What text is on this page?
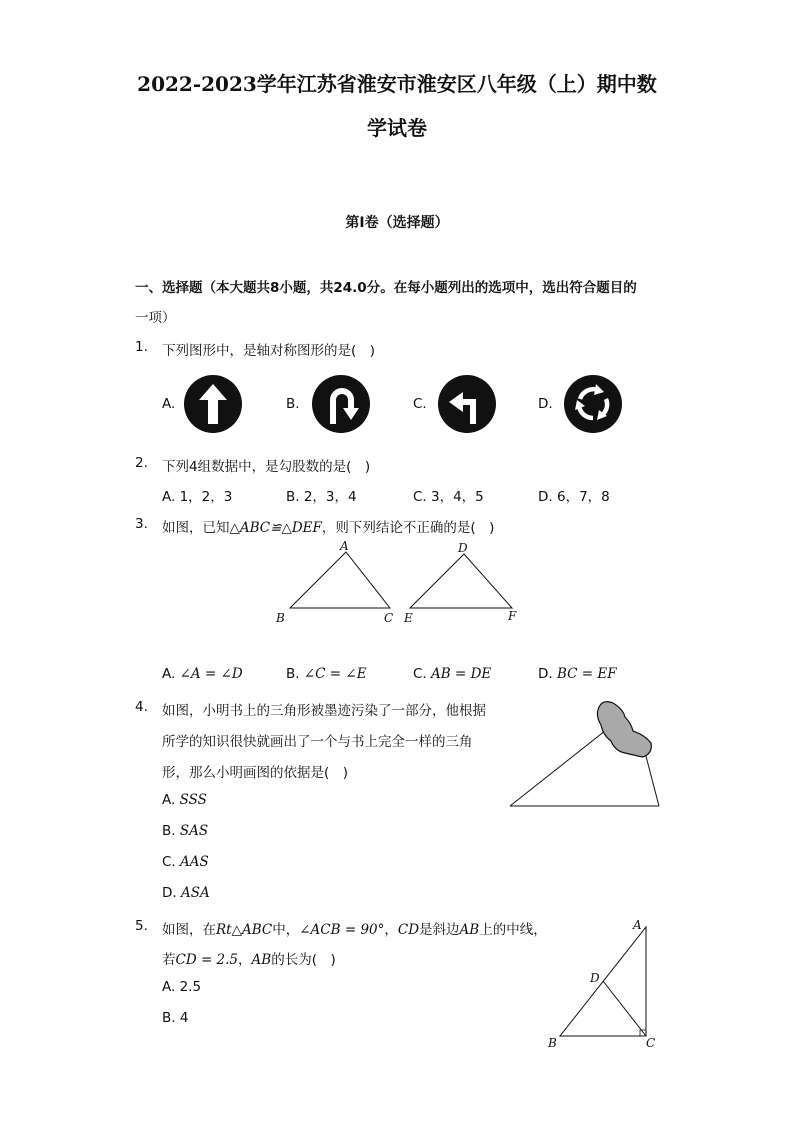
2022-2023学年江苏省淮安市淮安区八年级（上）期中数
学试卷
第I卷（选择题）
一、选择题（本大题共8小题，共24.0分。在每小题列出的选项中，选出符合题目的
一项）
1. 下列图形中，是轴对称图形的是(　)
A.	B.	C.	D.
2. 下列4组数据中，是勾股数的是(　)
A. 1，2，3	B. 2，3，4	C. 3，4，5	D. 6，7，8
3. 如图，已知△ABC≌△DEF，则下列结论不正确的是(　)
A
B	C
D
E	F
A. ∠A = ∠D	B. ∠C = ∠E	C. AB = DE	D. BC = EF
4. 如图，小明书上的三角形被墨迹污染了一部分，他根据
所学的知识很快就画出了一个与书上完全一样的三角
形，那么小明画图的依据是(　)
A. SSS
B. SAS
C. AAS
D. ASA
5. 如图，在Rt△ABC中，∠ACB = 90°，CD是斜边AB上的中线，
若CD = 2.5，AB的长为(　)
A. 2.5
B. 4
A
D
B	C
